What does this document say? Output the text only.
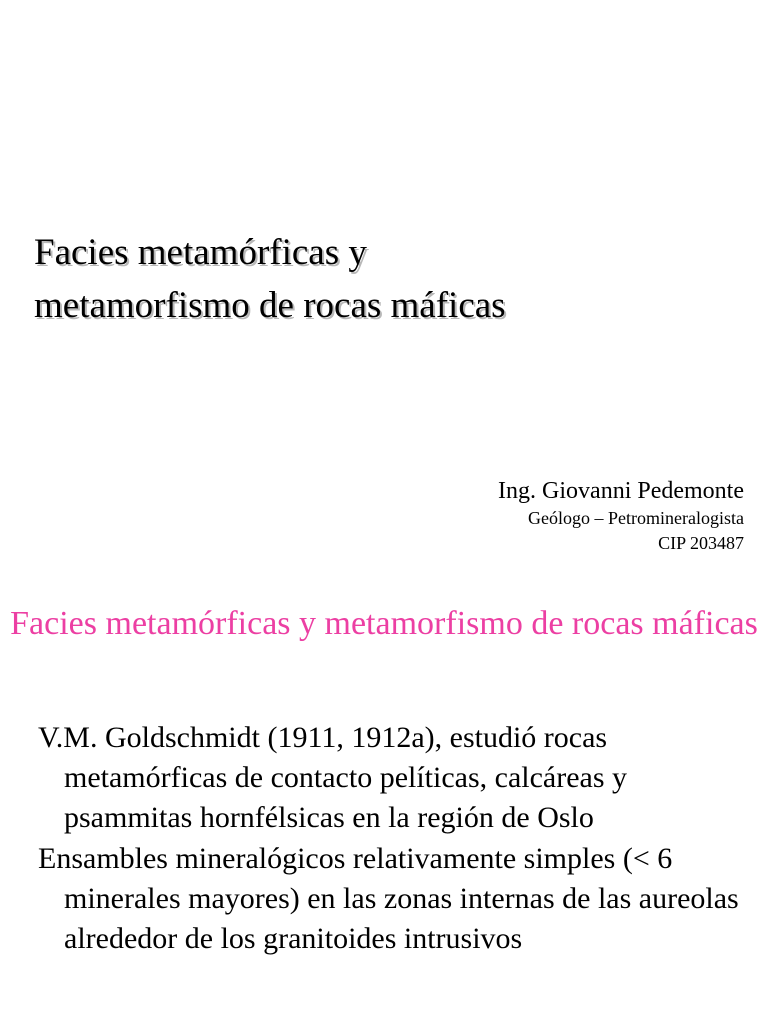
Facies metamórficas y metamorfismo de rocas máficas
Ing. Giovanni Pedemonte
Geólogo – Petromineralogista
CIP 203487
Facies metamórficas y metamorfismo de rocas máficas
V.M. Goldschmidt (1911, 1912a), estudió rocas metamórficas de contacto pelíticas, calcáreas y psammitas hornfélsicas en la región de Oslo
Ensambles mineralógicos relativamente simples (< 6 minerales mayores) en las zonas internas de las aureolas alrededor de los granitoides intrusivos
